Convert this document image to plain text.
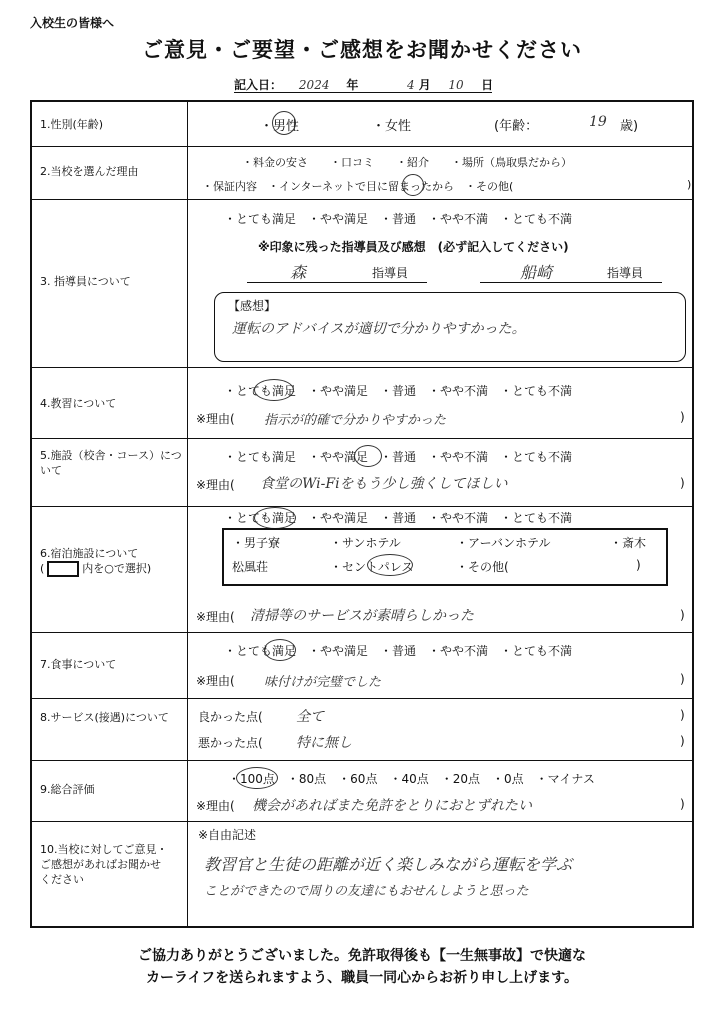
入校生の皆様へ
ご意見・ご要望・ご感想をお聞かせください
記入日： 2024 年	4 月 10 日
1.性別(年齢)	・男性	・女性	(年齢：	19 歳)
2.当校を選んだ理由
・料金の安さ　　・口コミ　　・紹介　　・場所（鳥取県だから）
・保証内容　・インターネットで目に留まったから　・その他(	)
3. 指導員について
・とても満足　・やや満足　・普通　・やや不満　・とても不満
※印象に残った指導員及び感想　(必ず記入してください)
森	指導員	船崎	指導員
【感想】
運転のアドバイスが適切で分かりやすかった。
4.教習について
・とても満足　・やや満足　・普通　・やや不満　・とても不満
※理由( 指示が的確で分かりやすかった	)
5.施設（校舎・コース）について
・とても満足　・やや満足　・普通　・やや不満　・とても不満
※理由( 食堂のWi-Fiをもう少し強くしてほしい	)
6.宿泊施設について
(	内を○で選択)
・とても満足　・やや満足　・普通　・やや不満　・とても不満
・男子寮	・サンホテル	・アーバンホテル	・斎木
松風荘	・セントパレス	・その他(	)
※理由( 清掃等のサービスが素晴らしかった	)
7.食事について
・とても満足　・やや満足　・普通　・やや不満　・とても不満
※理由( 味付けが完璧でした	)
8.サービス(接遇)について 良かった点( 全て	)
悪かった点( 特に無し	)
9.総合評価
・100点　・80点　・60点　・40点　・20点　・0点　・マイナス
※理由( 機会があればまた免許をとりにおとずれたい	)
10.当校に対してご意見・ご感想があればお聞かせください
※自由記述
教習官と生徒の距離が近く楽しみながら運転を学ぶ
ことができたので周りの友達にもおせんしようと思った
ご協力ありがとうございました。免許取得後も【一生無事故】で快適な
カーライフを送られますよう、職員一同心からお祈り申し上げます。
